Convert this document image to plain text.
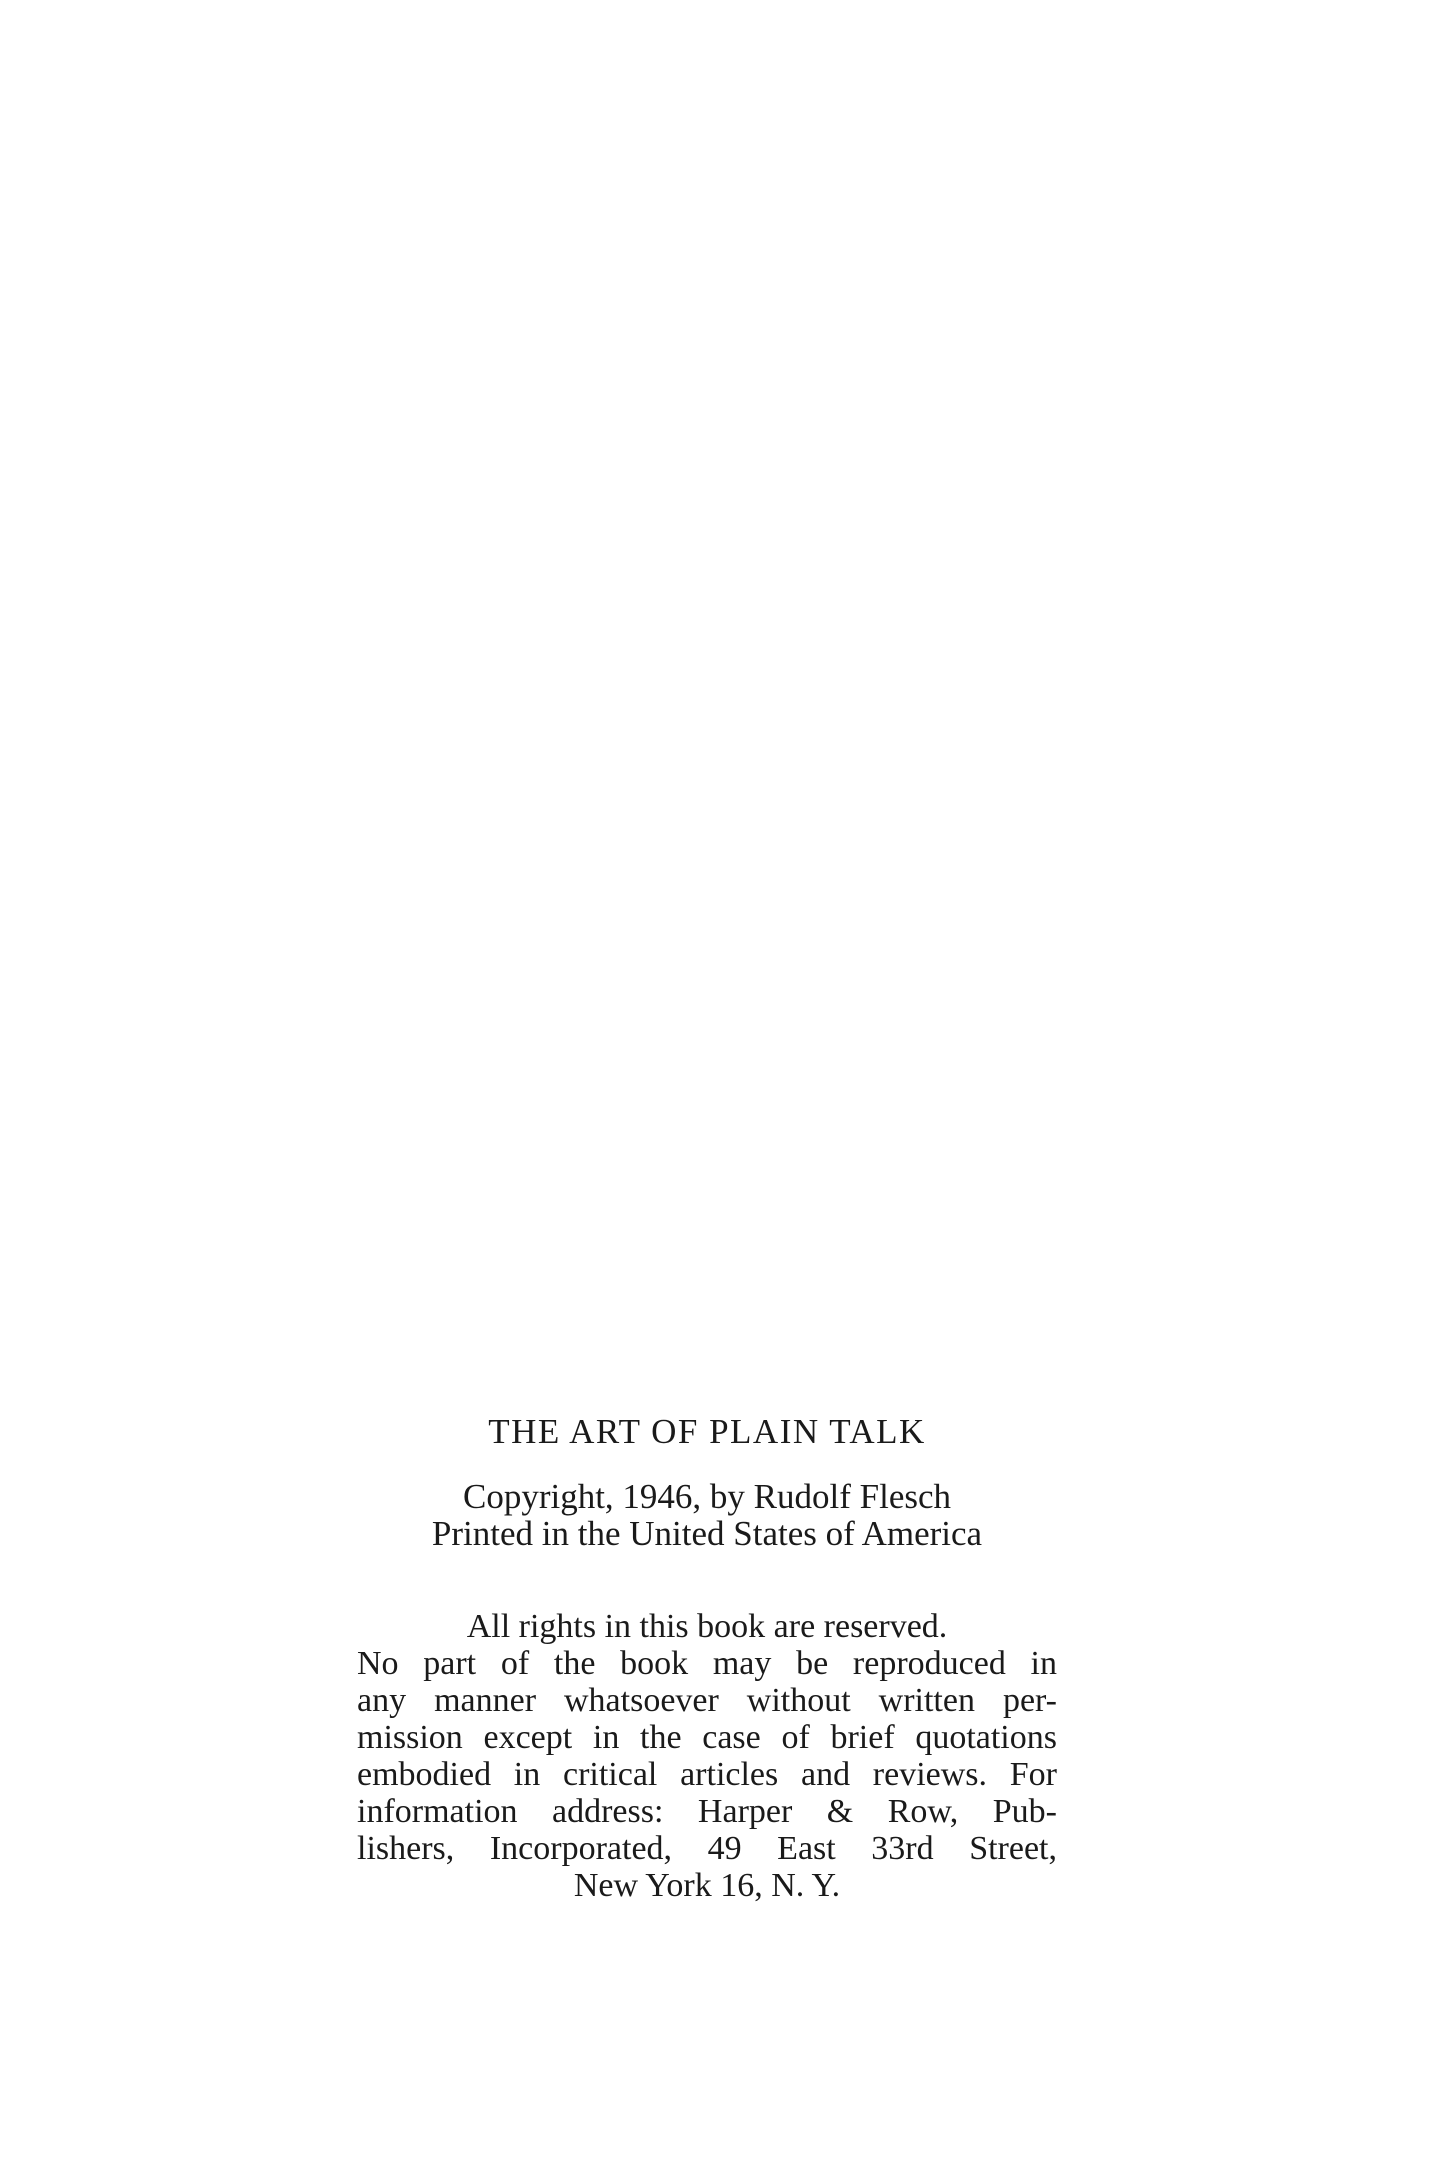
THE ART OF PLAIN TALK
Copyright, 1946, by Rudolf Flesch
Printed in the United States of America
All rights in this book are reserved.
No part of the book may be reproduced in
any manner whatsoever without written per-
mission except in the case of brief quotations
embodied in critical articles and reviews. For
information address: Harper & Row, Pub-
lishers, Incorporated, 49 East 33rd Street,
New York 16, N. Y.
